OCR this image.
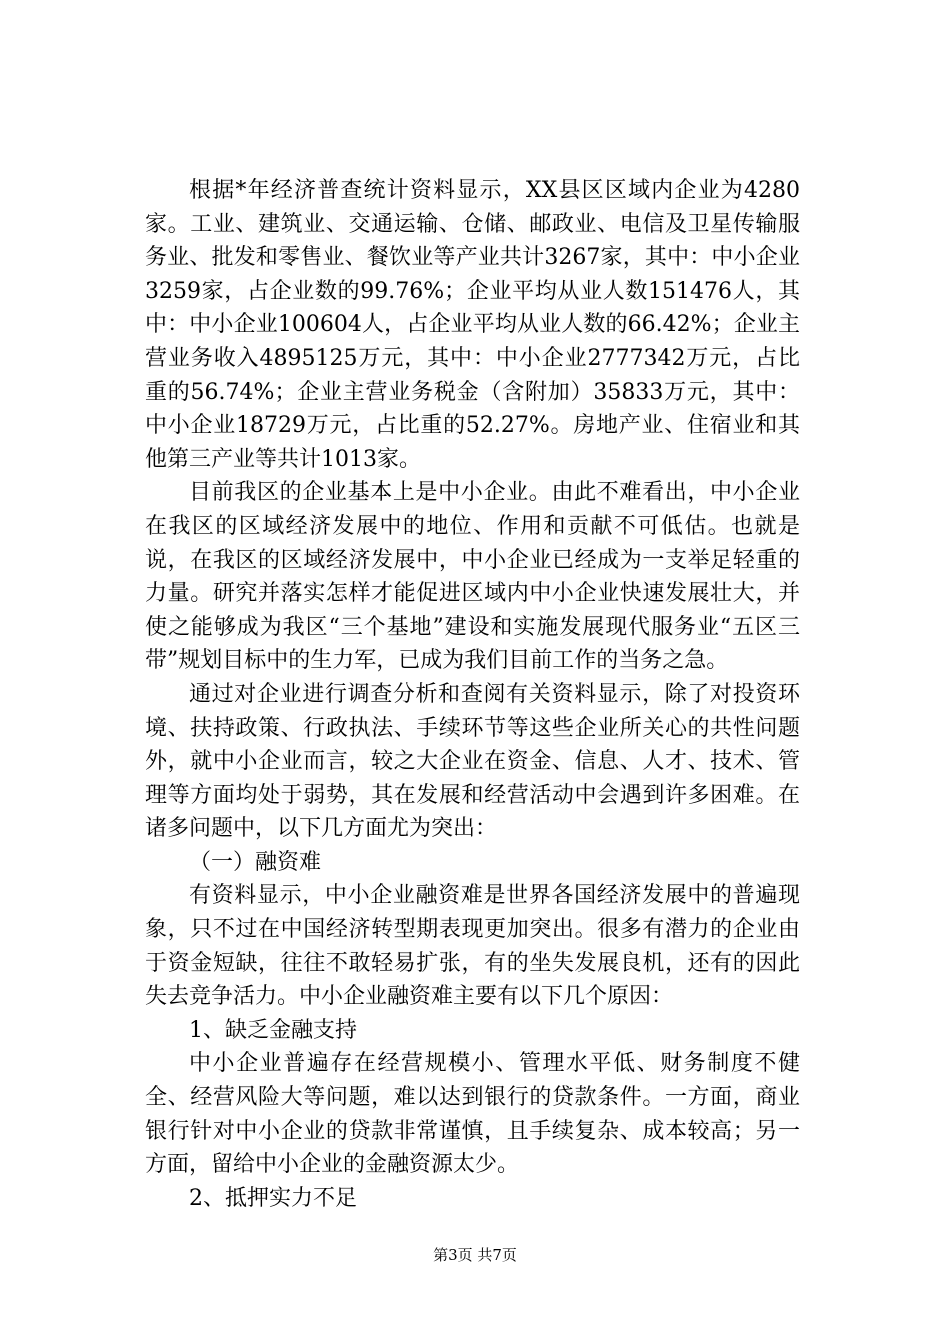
根据*年经济普查统计资料显示，XX县区区域内企业为4280家。工业、建筑业、交通运输、仓储、邮政业、电信及卫星传输服务业、批发和零售业、餐饮业等产业共计3267家，其中：中小企业3259家，占企业数的99.76%；企业平均从业人数151476人，其中：中小企业100604人，占企业平均从业人数的66.42%；企业主营业务收入4895125万元，其中：中小企业2777342万元，占比重的56.74%；企业主营业务税金（含附加）35833万元，其中：中小企业18729万元，占比重的52.27%。房地产业、住宿业和其他第三产业等共计1013家。

目前我区的企业基本上是中小企业。由此不难看出，中小企业在我区的区域经济发展中的地位、作用和贡献不可低估。也就是说，在我区的区域经济发展中，中小企业已经成为一支举足轻重的力量。研究并落实怎样才能促进区域内中小企业快速发展壮大，并使之能够成为我区“三个基地”建设和实施发展现代服务业“五区三带”规划目标中的生力军，已成为我们目前工作的当务之急。

通过对企业进行调查分析和查阅有关资料显示，除了对投资环境、扶持政策、行政执法、手续环节等这些企业所关心的共性问题外，就中小企业而言，较之大企业在资金、信息、人才、技术、管理等方面均处于弱势，其在发展和经营活动中会遇到许多困难。在诸多问题中，以下几方面尤为突出：

（一）融资难

有资料显示，中小企业融资难是世界各国经济发展中的普遍现象，只不过在中国经济转型期表现更加突出。很多有潜力的企业由于资金短缺，往往不敢轻易扩张，有的坐失发展良机，还有的因此失去竞争活力。中小企业融资难主要有以下几个原因：

1、缺乏金融支持

中小企业普遍存在经营规模小、管理水平低、财务制度不健全、经营风险大等问题，难以达到银行的贷款条件。一方面，商业银行针对中小企业的贷款非常谨慎，且手续复杂、成本较高；另一方面，留给中小企业的金融资源太少。

2、抵押实力不足

第3页 共7页
